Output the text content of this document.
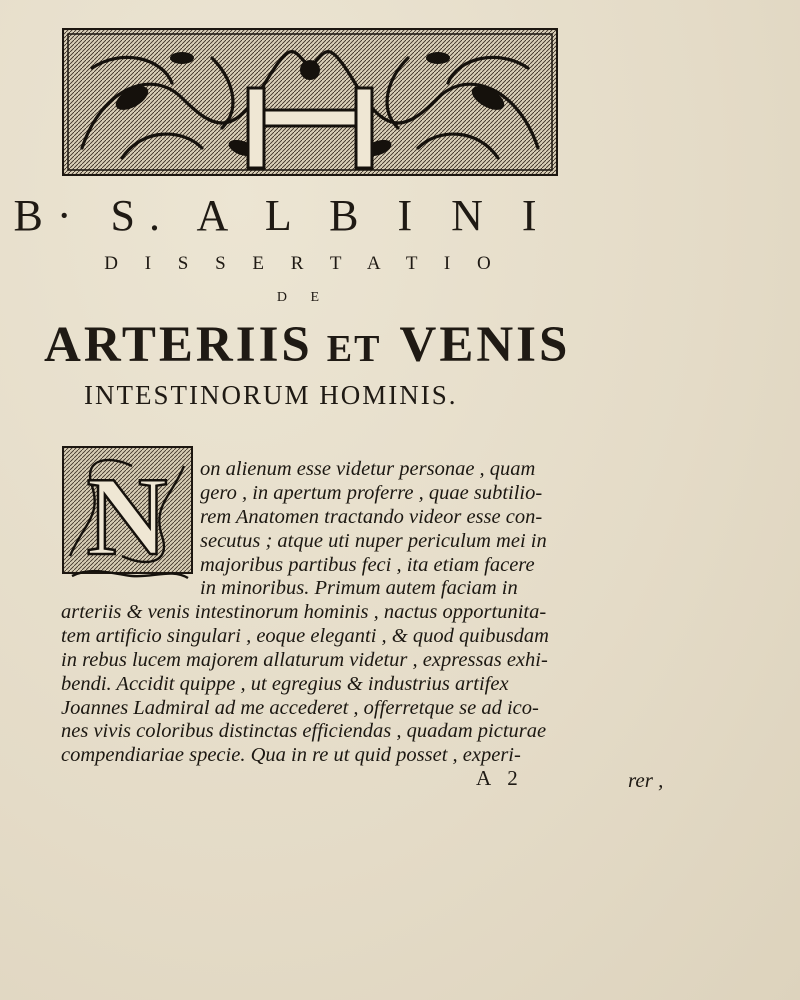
B· S. A L B I N I
D I S S E R T A T I O
D E
ARTERIIS ET VENIS
INTESTINORUM HOMINIS.
N on alienum esse videtur personae , quam
gero , in apertum proferre , quae subtilio-
rem Anatomen tractando videor esse con-
secutus ; atque uti nuper periculum mei in
majoribus partibus feci , ita etiam facere
in minoribus. Primum autem faciam in
arteriis & venis intestinorum hominis , nactus opportunita-
tem artificio singulari , eoque eleganti , & quod quibusdam
in rebus lucem majorem allaturum videtur , expressas exhi-
bendi. Accidit quippe , ut egregius & industrius artifex
Joannes Ladmiral ad me accederet , offerretque se ad ico-
nes vivis coloribus distinctas efficiendas , quadam picturae
compendiariae specie. Qua in re ut quid posset , experi-
A 2	rer ,
